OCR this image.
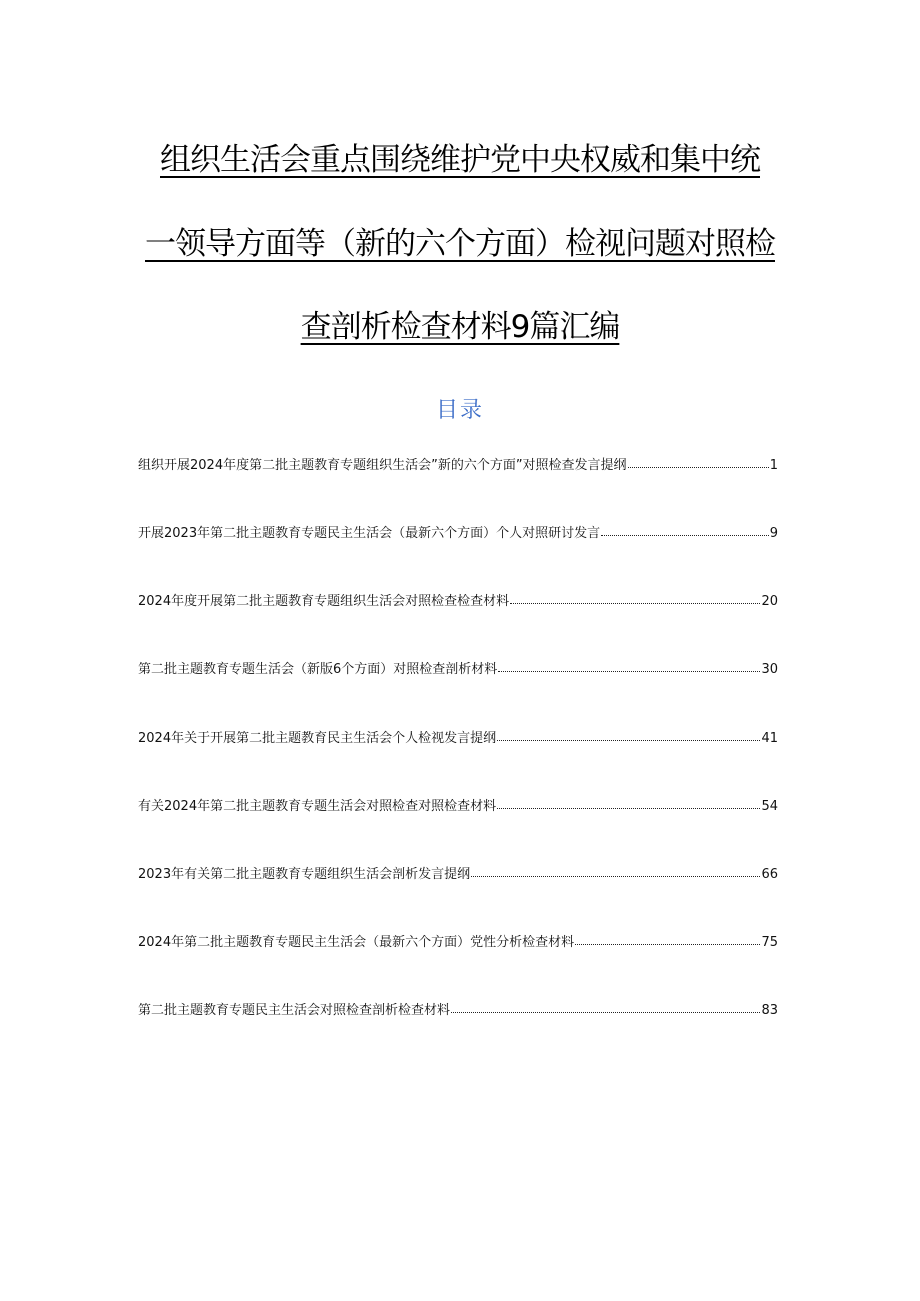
组织生活会重点围绕维护党中央权威和集中统
一领导方面等（新的六个方面）检视问题对照检
查剖析检查材料9篇汇编
目录
组织开展2024年度第二批主题教育专题组织生活会”新的六个方面”对照检查发言提纲	1
开展2023年第二批主题教育专题民主生活会（最新六个方面）个人对照研讨发言	9
2024年度开展第二批主题教育专题组织生活会对照检查检查材料	20
第二批主题教育专题生活会（新版6个方面）对照检查剖析材料	30
2024年关于开展第二批主题教育民主生活会个人检视发言提纲	41
有关2024年第二批主题教育专题生活会对照检查对照检查材料	54
2023年有关第二批主题教育专题组织生活会剖析发言提纲	66
2024年第二批主题教育专题民主生活会（最新六个方面）党性分析检查材料	75
第二批主题教育专题民主生活会对照检查剖析检查材料	83
